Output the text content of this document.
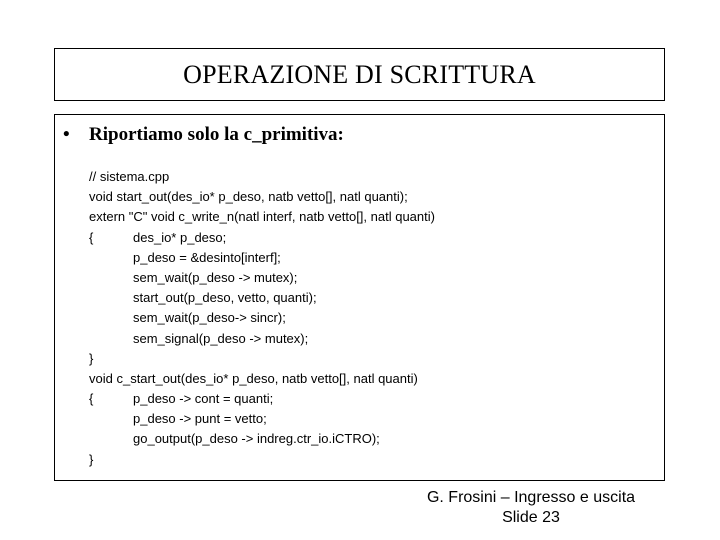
OPERAZIONE DI SCRITTURA
•	Riportiamo solo la c_primitiva:
// sistema.cpp
void start_out(des_io* p_deso, natb vetto[], natl quanti);
extern "C" void c_write_n(natl interf, natb vetto[], natl quanti)
{	des_io* p_deso;
p_deso = &desinto[interf];
sem_wait(p_deso -> mutex);
start_out(p_deso, vetto, quanti);
sem_wait(p_deso-> sincr);
sem_signal(p_deso -> mutex);
}
void c_start_out(des_io* p_deso, natb vetto[], natl quanti)
{	p_deso -> cont = quanti;
p_deso -> punt = vetto;
go_output(p_deso -> indreg.ctr_io.iCTRO);
}
G. Frosini – Ingresso e uscita
Slide 23
